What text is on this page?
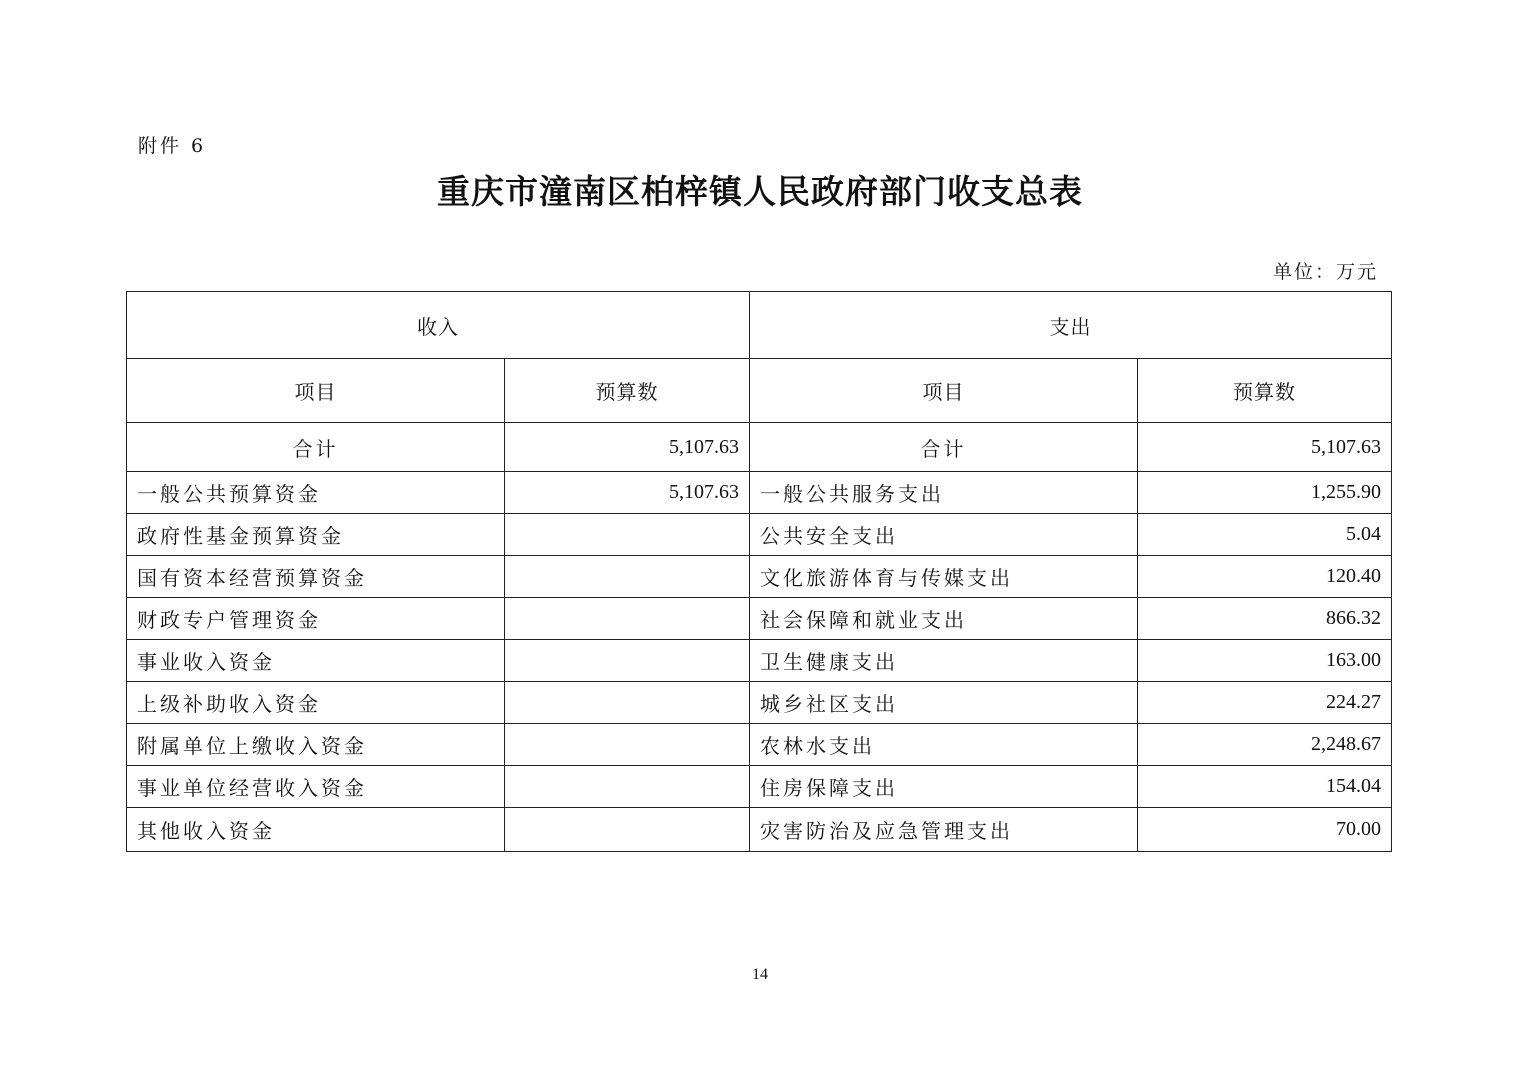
附件 6
重庆市潼南区柏梓镇人民政府部门收支总表
单位：万元
收入		支出	
项目	预算数	项目	预算数
合计	5,107.63	合计	5,107.63
一般公共预算资金	5,107.63	一般公共服务支出	1,255.90
政府性基金预算资金		公共安全支出	5.04
国有资本经营预算资金		文化旅游体育与传媒支出	120.40
财政专户管理资金		社会保障和就业支出	866.32
事业收入资金		卫生健康支出	163.00
上级补助收入资金		城乡社区支出	224.27
附属单位上缴收入资金		农林水支出	2,248.67
事业单位经营收入资金		住房保障支出	154.04
其他收入资金		灾害防治及应急管理支出	70.00
14
